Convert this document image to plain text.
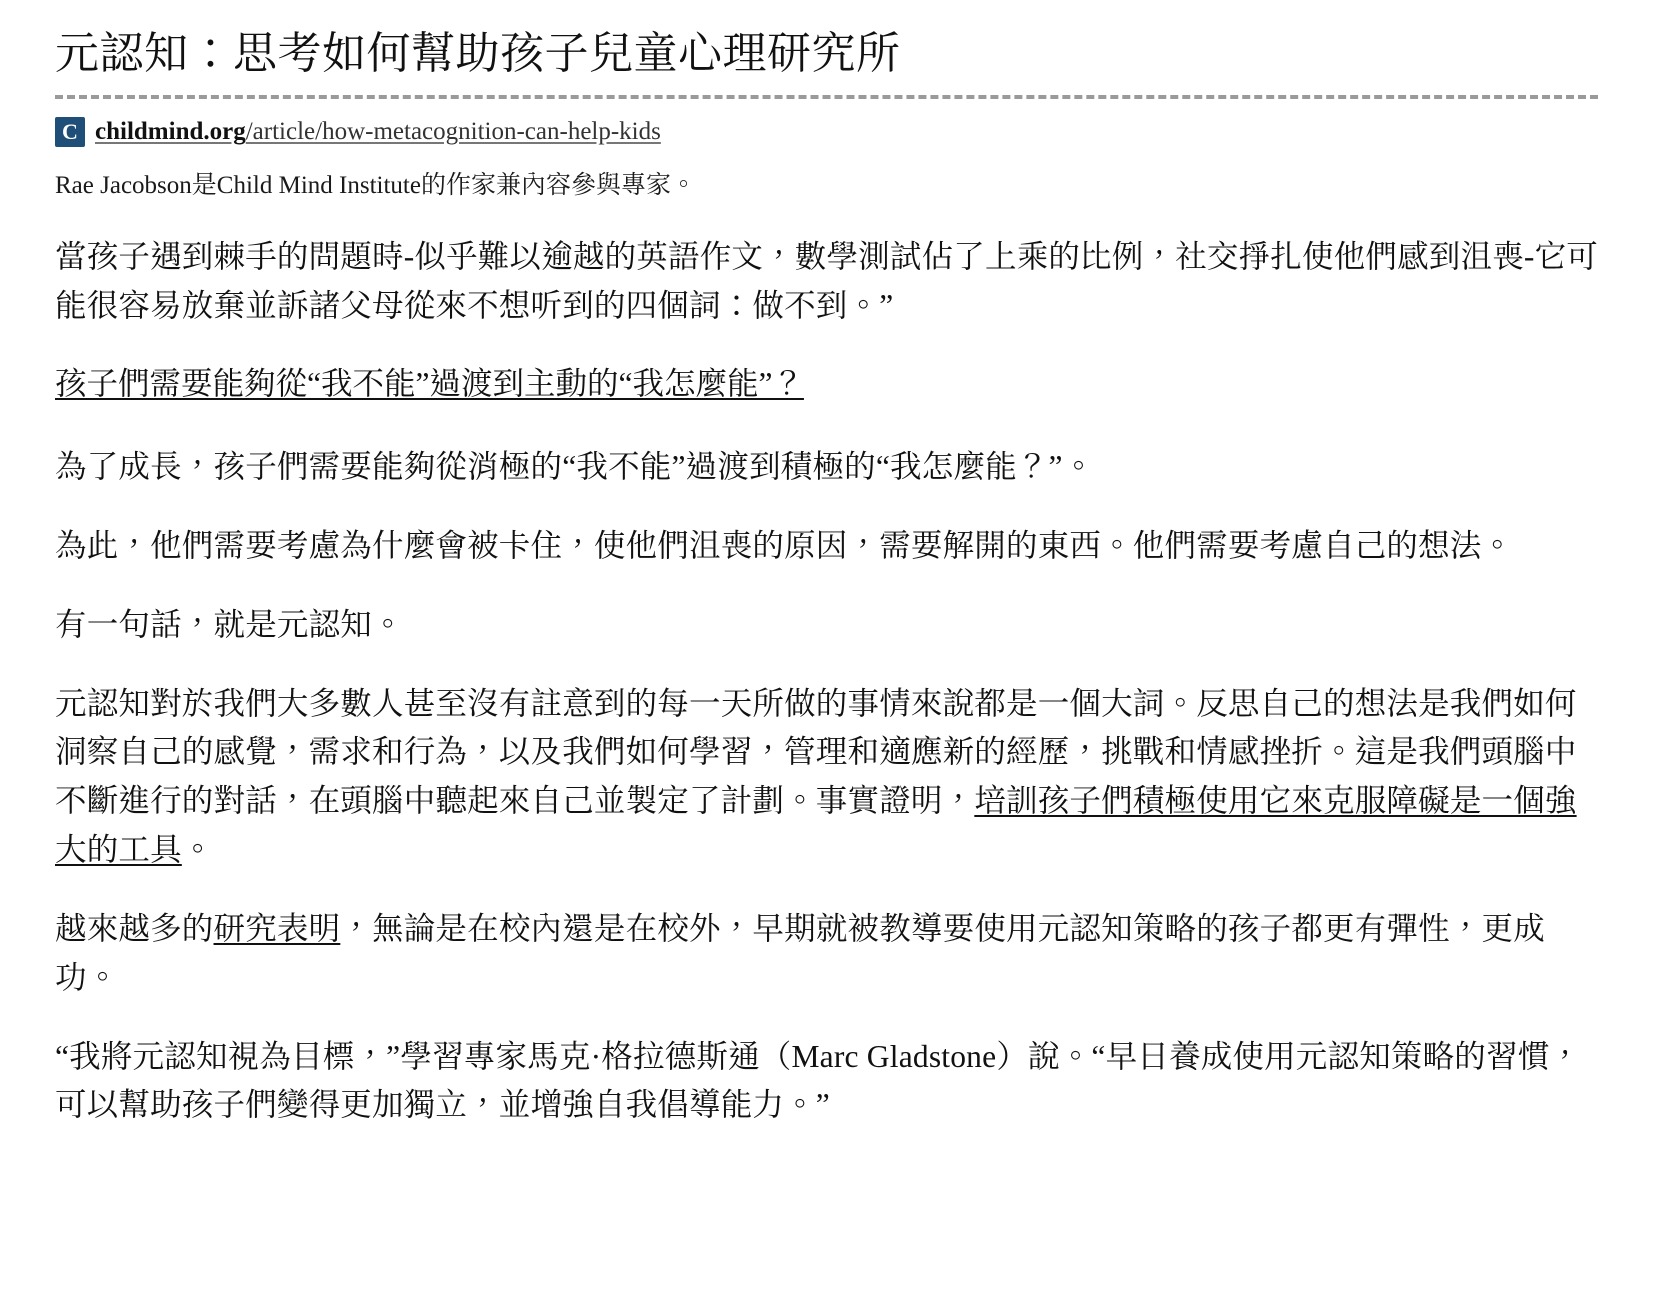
元認知：思考如何幫助孩子兒童心理研究所
C childmind.org/article/how-metacognition-can-help-kids
Rae Jacobson是Child Mind Institute的作家兼內容參與專家。

當孩子遇到棘手的問題時-似乎難以逾越的英語作文，數學測試佔了上乘的比例，社交掙扎使他們感到沮喪-它可能很容易放棄並訴諸父母從來不想听到的四個詞：做不到。”

孩子們需要能夠從“我不能”過渡到主動的“我怎麼能”？

為了成長，孩子們需要能夠從消極的“我不能”過渡到積極的“我怎麼能？”。

為此，他們需要考慮為什麼會被卡住，使他們沮喪的原因，需要解開的東西。他們需要考慮自己的想法。

有一句話，就是元認知。

元認知對於我們大多數人甚至沒有註意到的每一天所做的事情來說都是一個大詞。反思自己的想法是我們如何洞察自己的感覺，需求和行為，以及我們如何學習，管理和適應新的經歷，挑戰和情感挫折。這是我們頭腦中不斷進行的對話，在頭腦中聽起來自己並製定了計劃。事實證明，培訓孩子們積極使用它來克服障礙是一個強大的工具。

越來越多的研究表明，無論是在校內還是在校外，早期就被教導要使用元認知策略的孩子都更有彈性，更成功。

“我將元認知視為目標，”學習專家馬克·格拉德斯通（Marc Gladstone）說。“早日養成使用元認知策略的習慣，可以幫助孩子們變得更加獨立，並增強自我倡導能力。”
